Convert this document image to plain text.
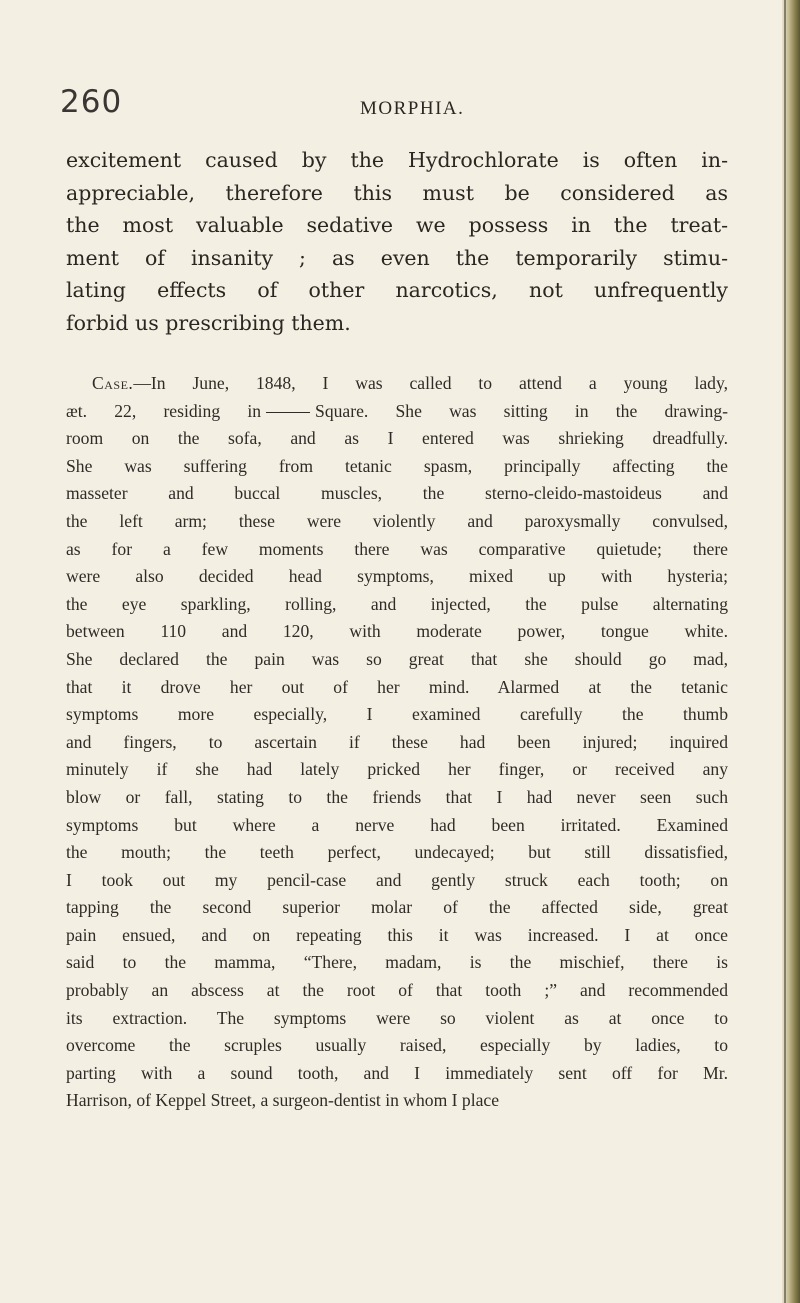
260	MORPHIA.
excitement caused by the Hydrochlorate is often in-
appreciable, therefore this must be considered as
the most valuable sedative we possess in the treat-
ment of insanity ; as even the temporarily stimu-
lating effects of other narcotics, not unfrequently
forbid us prescribing them.
Case.—In June, 1848, I was called to attend a young lady,
æt. 22, residing in	Square. She was sitting in the drawing-
room on the sofa, and as I entered was shrieking dreadfully.
She was suffering from tetanic spasm, principally affecting the
masseter and buccal muscles, the sterno-cleido-mastoideus and
the left arm; these were violently and paroxysmally convulsed,
as for a few moments there was comparative quietude; there
were also decided head symptoms, mixed up with hysteria;
the eye sparkling, rolling, and injected, the pulse alternating
between 110 and 120, with moderate power, tongue white.
She declared the pain was so great that she should go mad,
that it drove her out of her mind. Alarmed at the tetanic
symptoms more especially, I examined carefully the thumb
and fingers, to ascertain if these had been injured; inquired
minutely if she had lately pricked her finger, or received any
blow or fall, stating to the friends that I had never seen such
symptoms but where a nerve had been irritated. Examined
the mouth; the teeth perfect, undecayed; but still dissatisfied,
I took out my pencil-case and gently struck each tooth; on
tapping the second superior molar of the affected side, great
pain ensued, and on repeating this it was increased. I at once
said to the mamma, “There, madam, is the mischief, there is
probably an abscess at the root of that tooth ;” and recommended
its extraction. The symptoms were so violent as at once to
overcome the scruples usually raised, especially by ladies, to
parting with a sound tooth, and I immediately sent off for Mr.
Harrison, of Keppel Street, a surgeon-dentist in whom I place
